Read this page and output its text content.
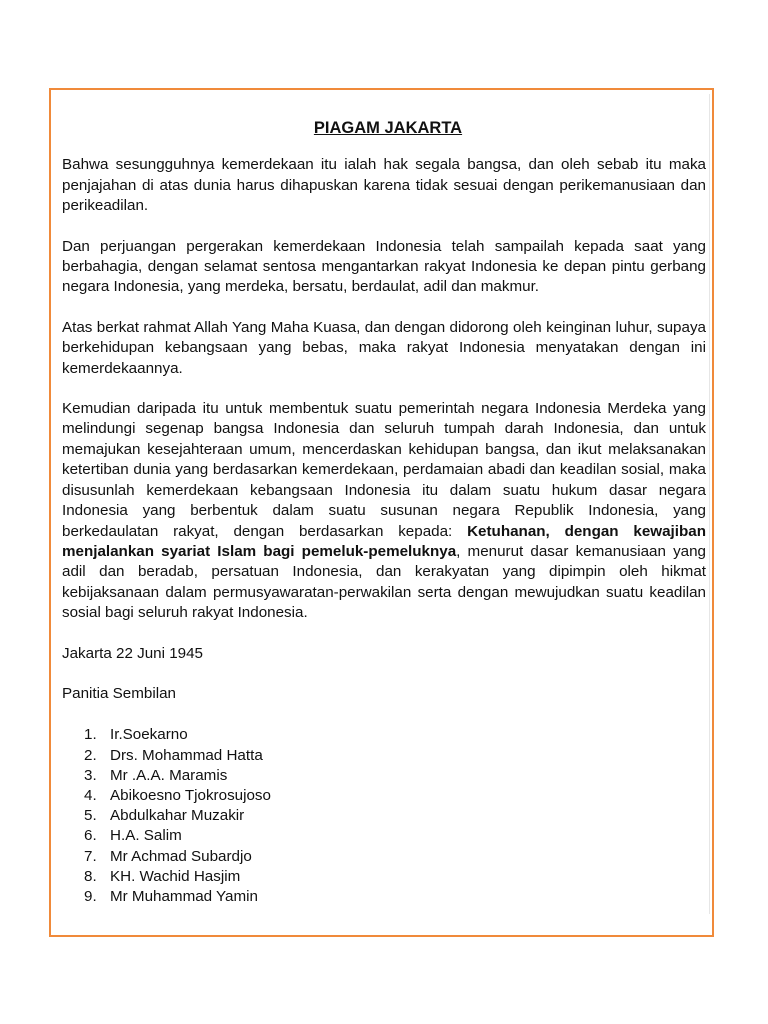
PIAGAM JAKARTA

Bahwa sesungguhnya kemerdekaan itu ialah hak segala bangsa, dan oleh sebab itu maka penjajahan di atas dunia harus dihapuskan karena tidak sesuai dengan perikemanusiaan dan perikeadilan.

Dan perjuangan pergerakan kemerdekaan Indonesia telah sampailah kepada saat yang berbahagia, dengan selamat sentosa mengantarkan rakyat Indonesia ke depan pintu gerbang negara Indonesia, yang merdeka, bersatu, berdaulat, adil dan makmur.

Atas berkat rahmat Allah Yang Maha Kuasa, dan dengan didorong oleh keinginan luhur, supaya berkehidupan kebangsaan yang bebas, maka rakyat Indonesia menyatakan dengan ini kemerdekaannya.

Kemudian daripada itu untuk membentuk suatu pemerintah negara Indonesia Merdeka yang melindungi segenap bangsa Indonesia dan seluruh tumpah darah Indonesia, dan untuk memajukan kesejahteraan umum, mencerdaskan kehidupan bangsa, dan ikut melaksanakan ketertiban dunia yang berdasarkan kemerdekaan, perdamaian abadi dan keadilan sosial, maka disusunlah kemerdekaan kebangsaan Indonesia itu dalam suatu hukum dasar negara Indonesia yang berbentuk dalam suatu susunan negara Republik Indonesia, yang berkedaulatan rakyat, dengan berdasarkan kepada: Ketuhanan, dengan kewajiban menjalankan syariat Islam bagi pemeluk-pemeluknya, menurut dasar kemanusiaan yang adil dan beradab, persatuan Indonesia, dan kerakyatan yang dipimpin oleh hikmat kebijaksanaan dalam permusyawaratan-perwakilan serta dengan mewujudkan suatu keadilan sosial bagi seluruh rakyat Indonesia.

Jakarta 22 Juni 1945
Panitia Sembilan
1. Ir.Soekarno
2. Drs. Mohammad Hatta
3. Mr .A.A. Maramis
4. Abikoesno Tjokrosujoso
5. Abdulkahar Muzakir
6. H.A. Salim
7. Mr Achmad Subardjo
8. KH. Wachid Hasjim
9. Mr Muhammad Yamin
